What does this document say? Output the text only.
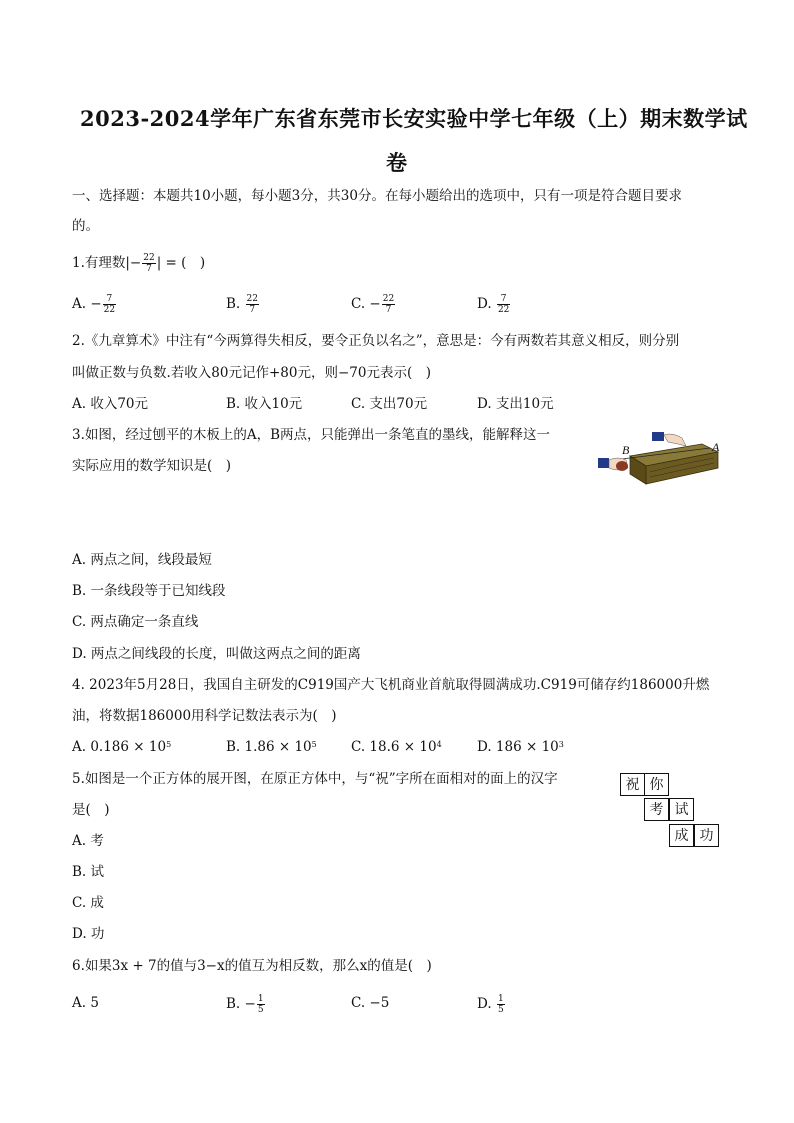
2023-2024学年广东省东莞市长安实验中学七年级（上）期末数学试
卷
一、选择题：本题共10小题，每小题3分，共30分。在每小题给出的选项中，只有一项是符合题目要求
的。
1.有理数|− $\frac{22}{7}$ | = (　)
A. − $\frac{7}{22}$	B. $\frac{22}{7}$	C. − $\frac{22}{7}$	D. $\frac{7}{22}$
2.《九章算术》中注有“今两算得失相反，要令正负以名之”，意思是：今有两数若其意义相反，则分别
叫做正数与负数.若收入80元记作+80元，则−70元表示(　)
A. 收入70元	B. 收入10元	C. 支出70元	D. 支出10元
3.如图，经过刨平的木板上的A，B两点，只能弹出一条笔直的墨线，能解释这一
实际应用的数学知识是(　)
B	A
A. 两点之间，线段最短
B. 一条线段等于已知线段
C. 两点确定一条直线
D. 两点之间线段的长度，叫做这两点之间的距离
4. 2023年5月28日，我国自主研发的C919国产大飞机商业首航取得圆满成功.C919可储存约186000升燃
油，将数据186000用科学记数法表示为(　)
A. $0.186 \times 10^5$	B. $1.86 \times 10^5$	C. $18.6 \times 10^4$	D. $186 \times 10^3$
5.如图是一个正方体的展开图，在原正方体中，与“祝”字所在面相对的面上的汉字
是(　)
祝 你
考 试
成 功
A. 考
B. 试
C. 成
D. 功
6.如果3x + 7的值与3−x的值互为相反数，那么x的值是(　)
A. 5	B. − $\frac{1}{5}$	C. −5	D. $\frac{1}{5}$
